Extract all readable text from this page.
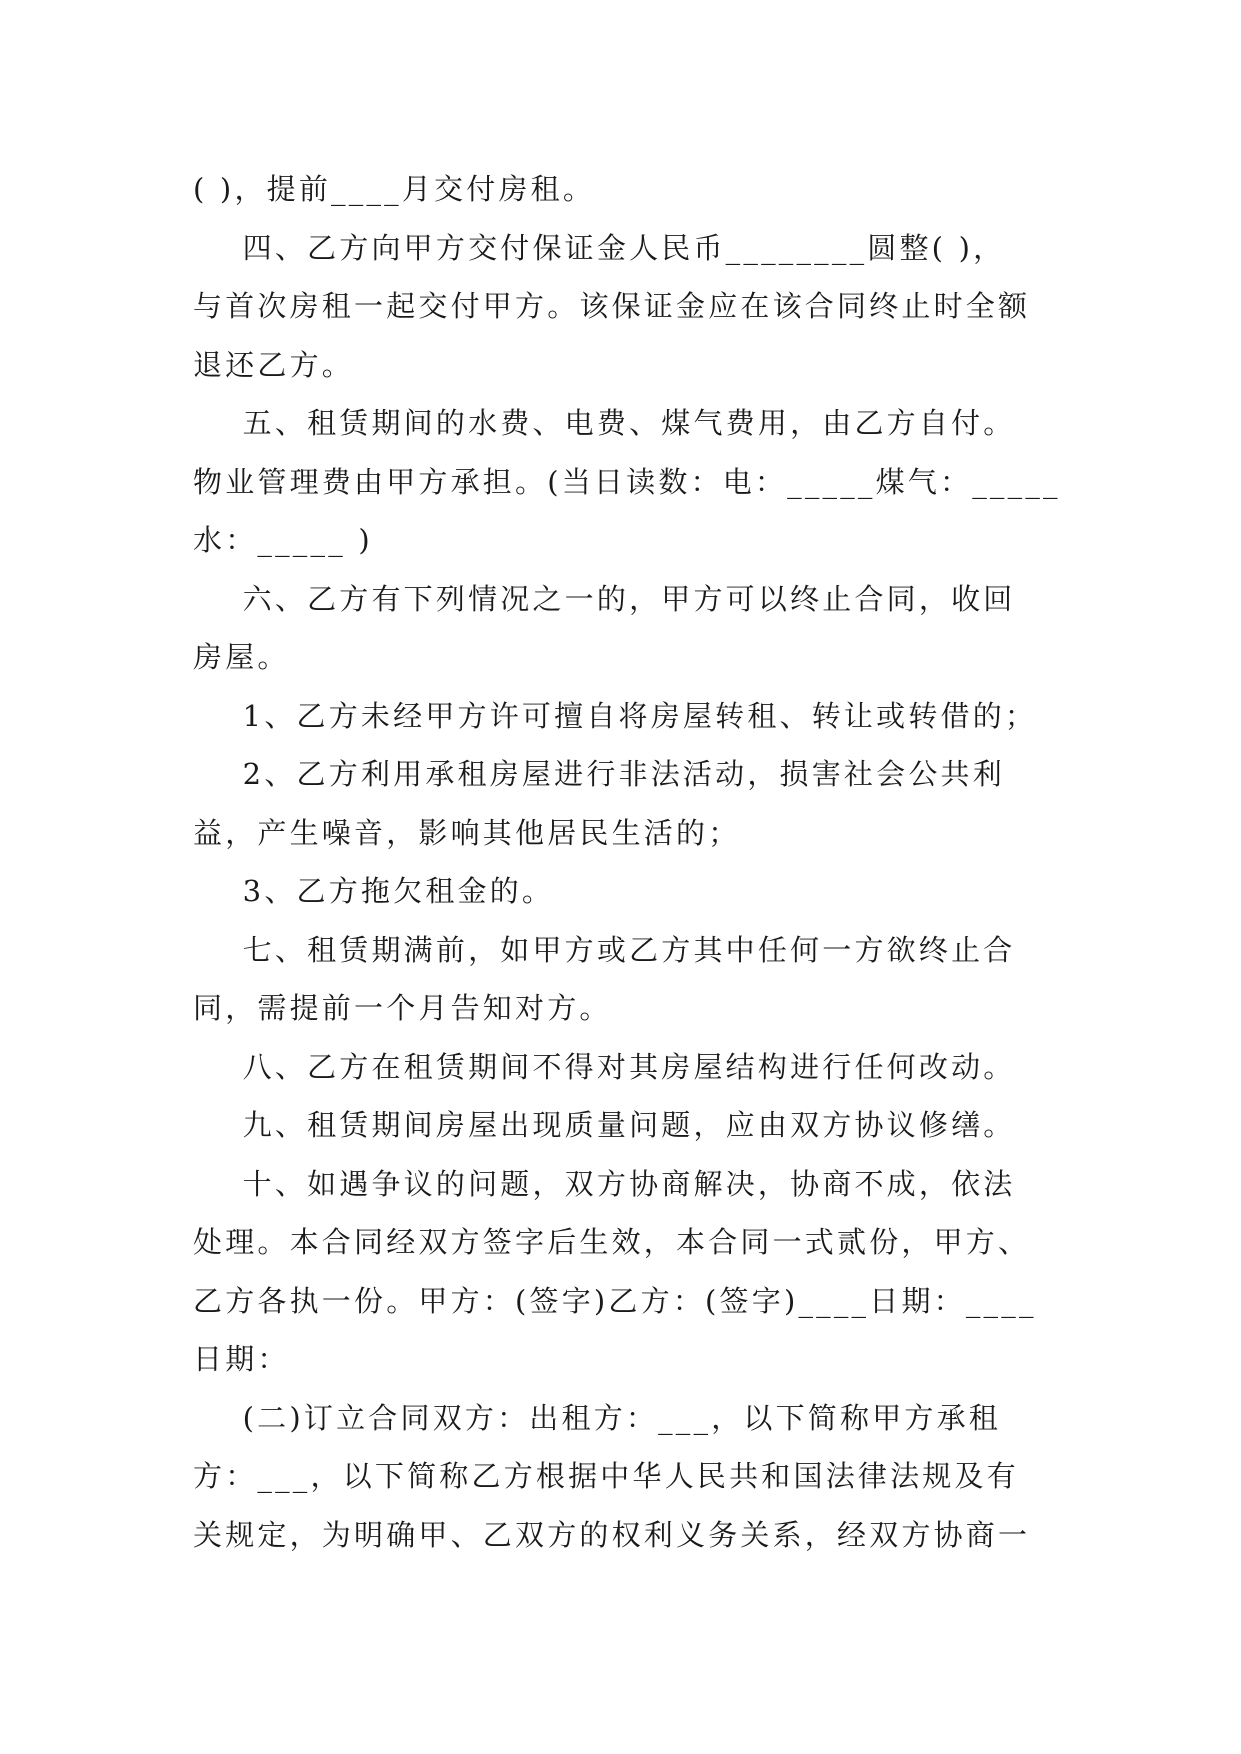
( )，提前____月交付房租。
四、乙方向甲方交付保证金人民币________圆整( )，
与首次房租一起交付甲方。该保证金应在该合同终止时全额
退还乙方。
五、租赁期间的水费、电费、煤气费用，由乙方自付。
物业管理费由甲方承担。(当日读数：电：_____煤气：_____
水：_____ )
六、乙方有下列情况之一的，甲方可以终止合同，收回
房屋。
1、乙方未经甲方许可擅自将房屋转租、转让或转借的；
2、乙方利用承租房屋进行非法活动，损害社会公共利
益，产生噪音，影响其他居民生活的；
3、乙方拖欠租金的。
七、租赁期满前，如甲方或乙方其中任何一方欲终止合
同，需提前一个月告知对方。
八、乙方在租赁期间不得对其房屋结构进行任何改动。
九、租赁期间房屋出现质量问题，应由双方协议修缮。
十、如遇争议的问题，双方协商解决，协商不成，依法
处理。本合同经双方签字后生效，本合同一式贰份，甲方、
乙方各执一份。甲方：(签字)乙方：(签字)____日期：____
日期：
(二)订立合同双方：出租方：___，以下简称甲方承租
方：___，以下简称乙方根据中华人民共和国法律法规及有
关规定，为明确甲、乙双方的权利义务关系，经双方协商一
